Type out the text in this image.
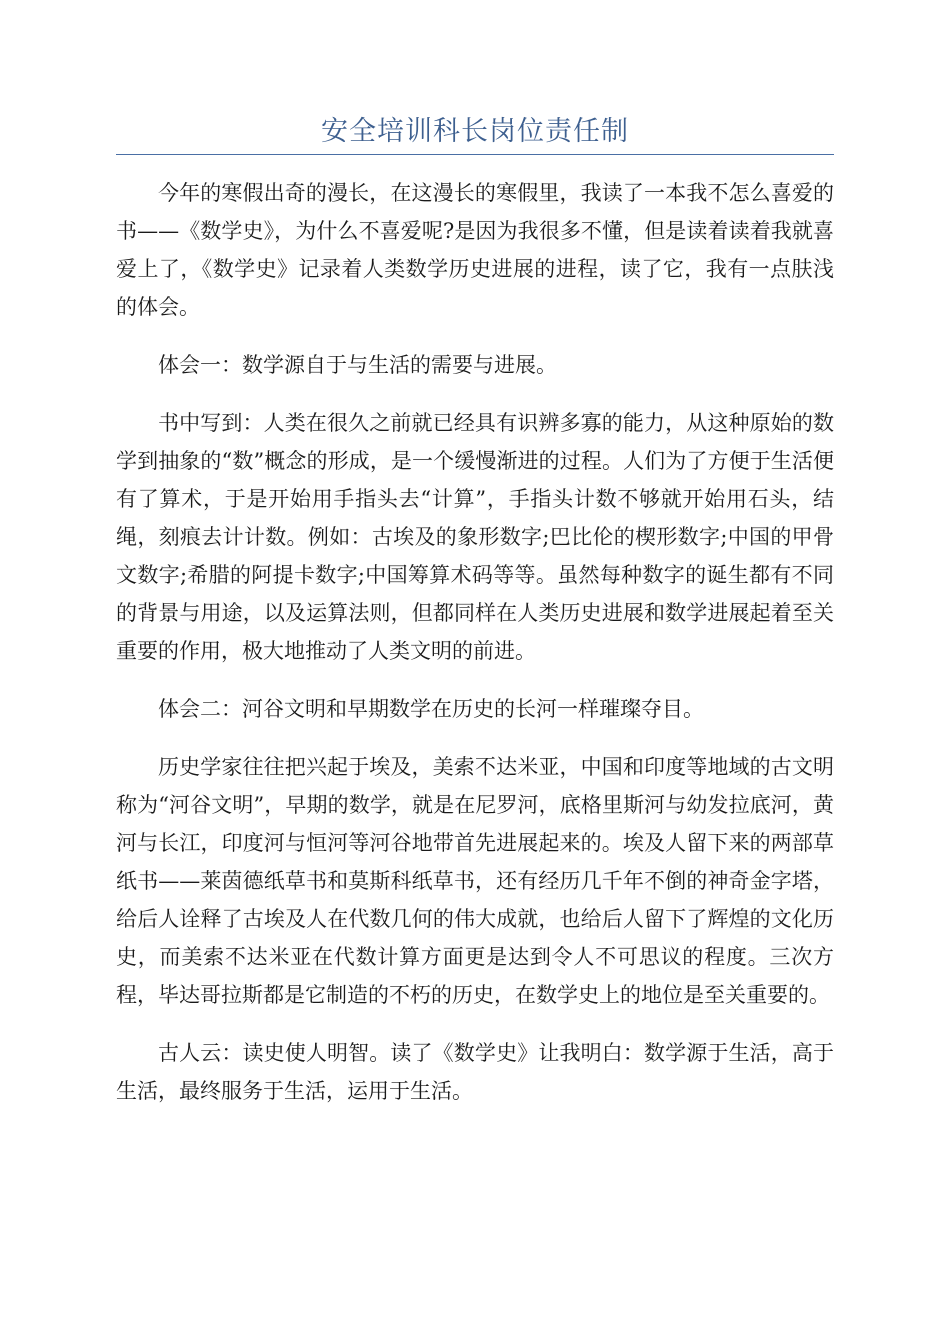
安全培训科长岗位责任制

今年的寒假出奇的漫长，在这漫长的寒假里，我读了一本我不怎么喜爱的书——《数学史》，为什么不喜爱呢?是因为我很多不懂，但是读着读着我就喜爱上了，《数学史》记录着人类数学历史进展的进程，读了它，我有一点肤浅的体会。

体会一：数学源自于与生活的需要与进展。

书中写到：人类在很久之前就已经具有识辨多寡的能力，从这种原始的数学到抽象的“数”概念的形成，是一个缓慢渐进的过程。人们为了方便于生活便有了算术，于是开始用手指头去“计算”，手指头计数不够就开始用石头，结绳，刻痕去计计数。例如：古埃及的象形数字;巴比伦的楔形数字;中国的甲骨文数字;希腊的阿提卡数字;中国筹算术码等等。虽然每种数字的诞生都有不同的背景与用途，以及运算法则，但都同样在人类历史进展和数学进展起着至关重要的作用，极大地推动了人类文明的前进。

体会二：河谷文明和早期数学在历史的长河一样璀璨夺目。

历史学家往往把兴起于埃及，美索不达米亚，中国和印度等地域的古文明称为“河谷文明”，早期的数学，就是在尼罗河，底格里斯河与幼发拉底河，黄河与长江，印度河与恒河等河谷地带首先进展起来的。埃及人留下来的两部草纸书——莱茵德纸草书和莫斯科纸草书，还有经历几千年不倒的神奇金字塔，给后人诠释了古埃及人在代数几何的伟大成就，也给后人留下了辉煌的文化历史，而美索不达米亚在代数计算方面更是达到令人不可思议的程度。三次方程，毕达哥拉斯都是它制造的不朽的历史，在数学史上的地位是至关重要的。

古人云：读史使人明智。读了《数学史》让我明白：数学源于生活，高于生活，最终服务于生活，运用于生活。
